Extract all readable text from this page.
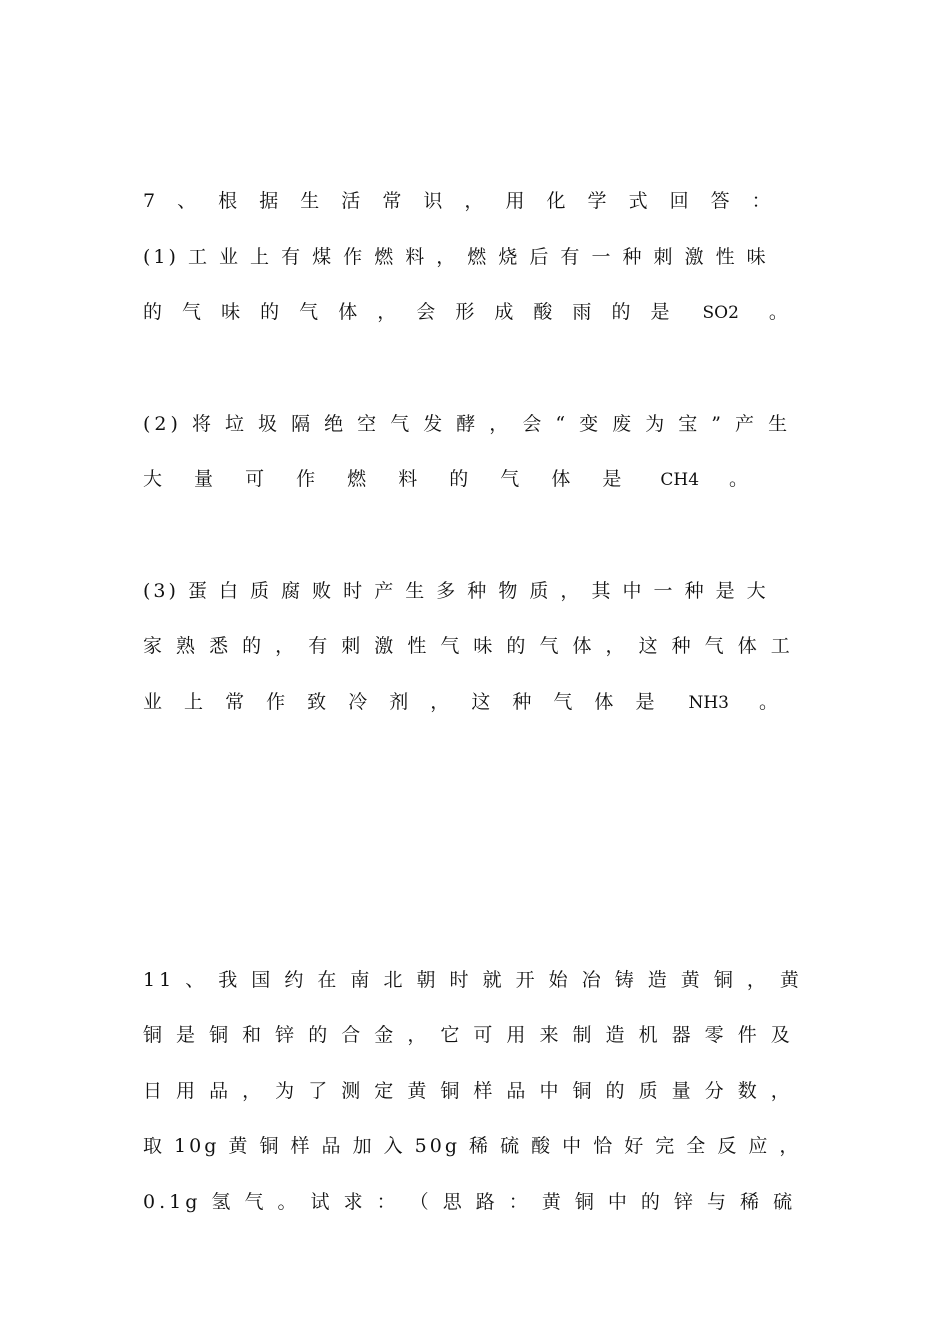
7 、 根 据 生 活 常 识 ， 用 化 学 式 回 答 ：
(1) 工 业 上 有 煤 作 燃 料 ， 燃 烧 后 有 一 种 刺 激 性 味
的 气 味 的 气 体 ， 会 形 成 酸 雨 的 是 SO2 。
(2) 将 垃 圾 隔 绝 空 气 发 酵 ， 会 “ 变 废 为 宝 ” 产 生
大 量 可 作 燃 料 的 气 体 是 CH4 。
(3) 蛋 白 质 腐 败 时 产 生 多 种 物 质 ， 其 中 一 种 是 大
家 熟 悉 的 ， 有 刺 激 性 气 味 的 气 体 ， 这 种 气 体 工
业 上 常 作 致 冷 剂 ， 这 种 气 体 是 NH3 。
11 、 我 国 约 在 南 北 朝 时 就 开 始 冶 铸 造 黄 铜 ， 黄
铜 是 铜 和 锌 的 合 金 ， 它 可 用 来 制 造 机 器 零 件 及
日 用 品 ， 为 了 测 定 黄 铜 样 品 中 铜 的 质 量 分 数 ，
取 10g 黄 铜 样 品 加 入 50g 稀 硫 酸 中 恰 好 完 全 反 应 ，
0.1g 氢 气 。 试 求 ： （ 思 路 ： 黄 铜 中 的 锌 与 稀 硫
